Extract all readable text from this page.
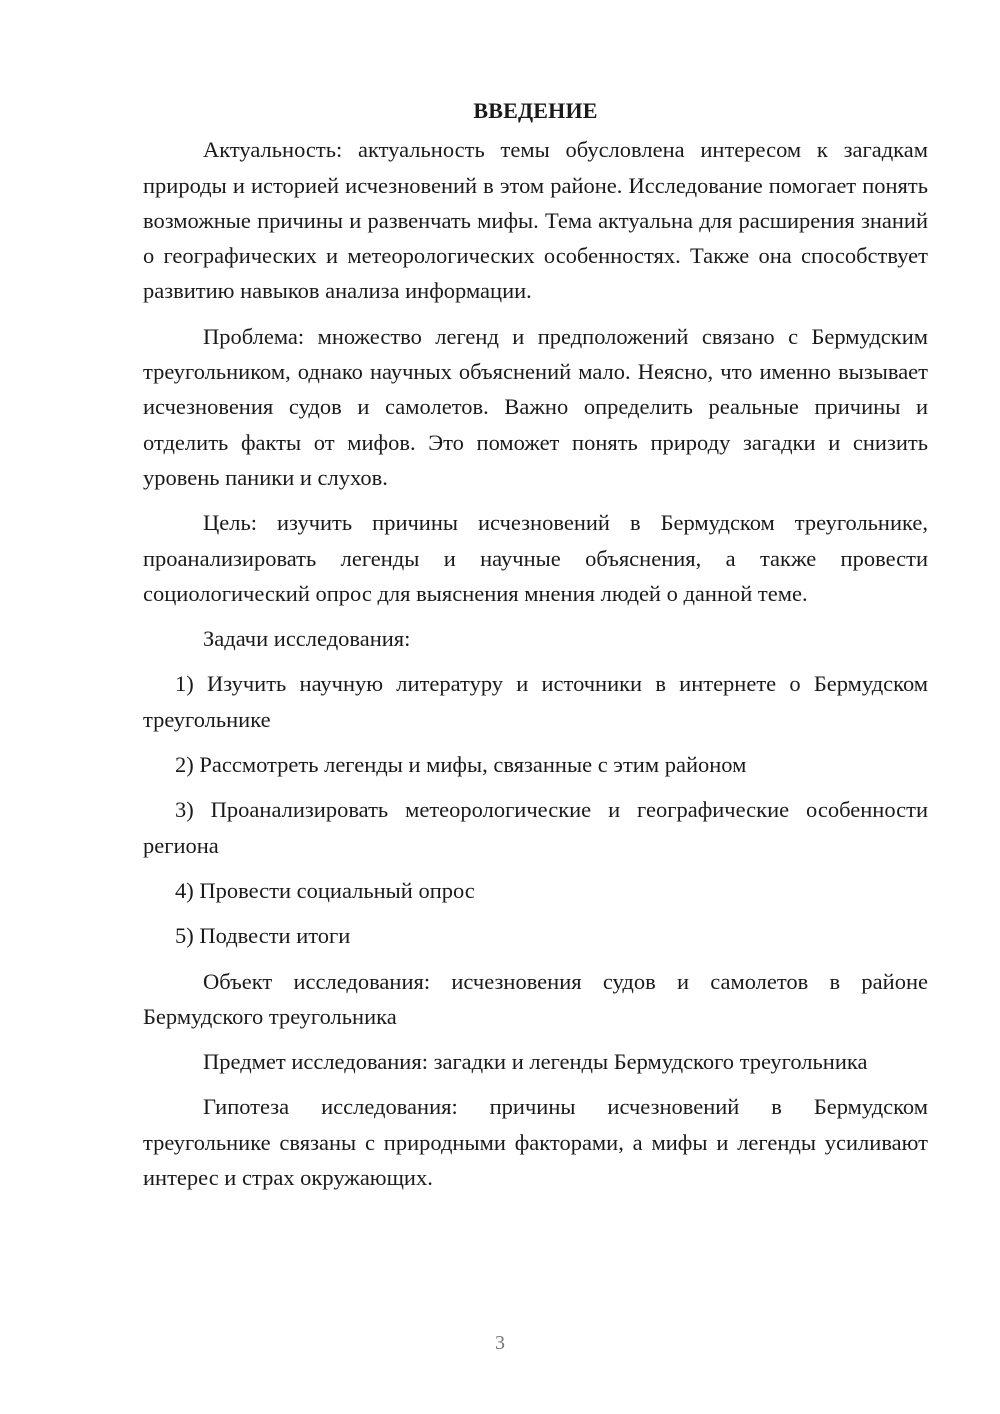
ВВЕДЕНИЕ

Актуальность: актуальность темы обусловлена интересом к загадкам природы и историей исчезновений в этом районе. Исследование помогает понять возможные причины и развенчать мифы. Тема актуальна для расширения знаний о географических и метеорологических особенностях. Также она способствует развитию навыков анализа информации.

Проблема: множество легенд и предположений связано с Бермудским треугольником, однако научных объяснений мало. Неясно, что именно вызывает исчезновения судов и самолетов. Важно определить реальные причины и отделить факты от мифов. Это поможет понять природу загадки и снизить уровень паники и слухов.

Цель: изучить причины исчезновений в Бермудском треугольнике, проанализировать легенды и научные объяснения, а также провести социологический опрос для выяснения мнения людей о данной теме.

Задачи исследования:

1) Изучить научную литературу и источники в интернете о Бермудском треугольнике

2) Рассмотреть легенды и мифы, связанные с этим районом

3) Проанализировать метеорологические и географические особенности региона

4) Провести социальный опрос

5) Подвести итоги

Объект исследования: исчезновения судов и самолетов в районе Бермудского треугольника

Предмет исследования: загадки и легенды Бермудского треугольника

Гипотеза исследования: причины исчезновений в Бермудском треугольнике связаны с природными факторами, а мифы и легенды усиливают интерес и страх окружающих.

3
